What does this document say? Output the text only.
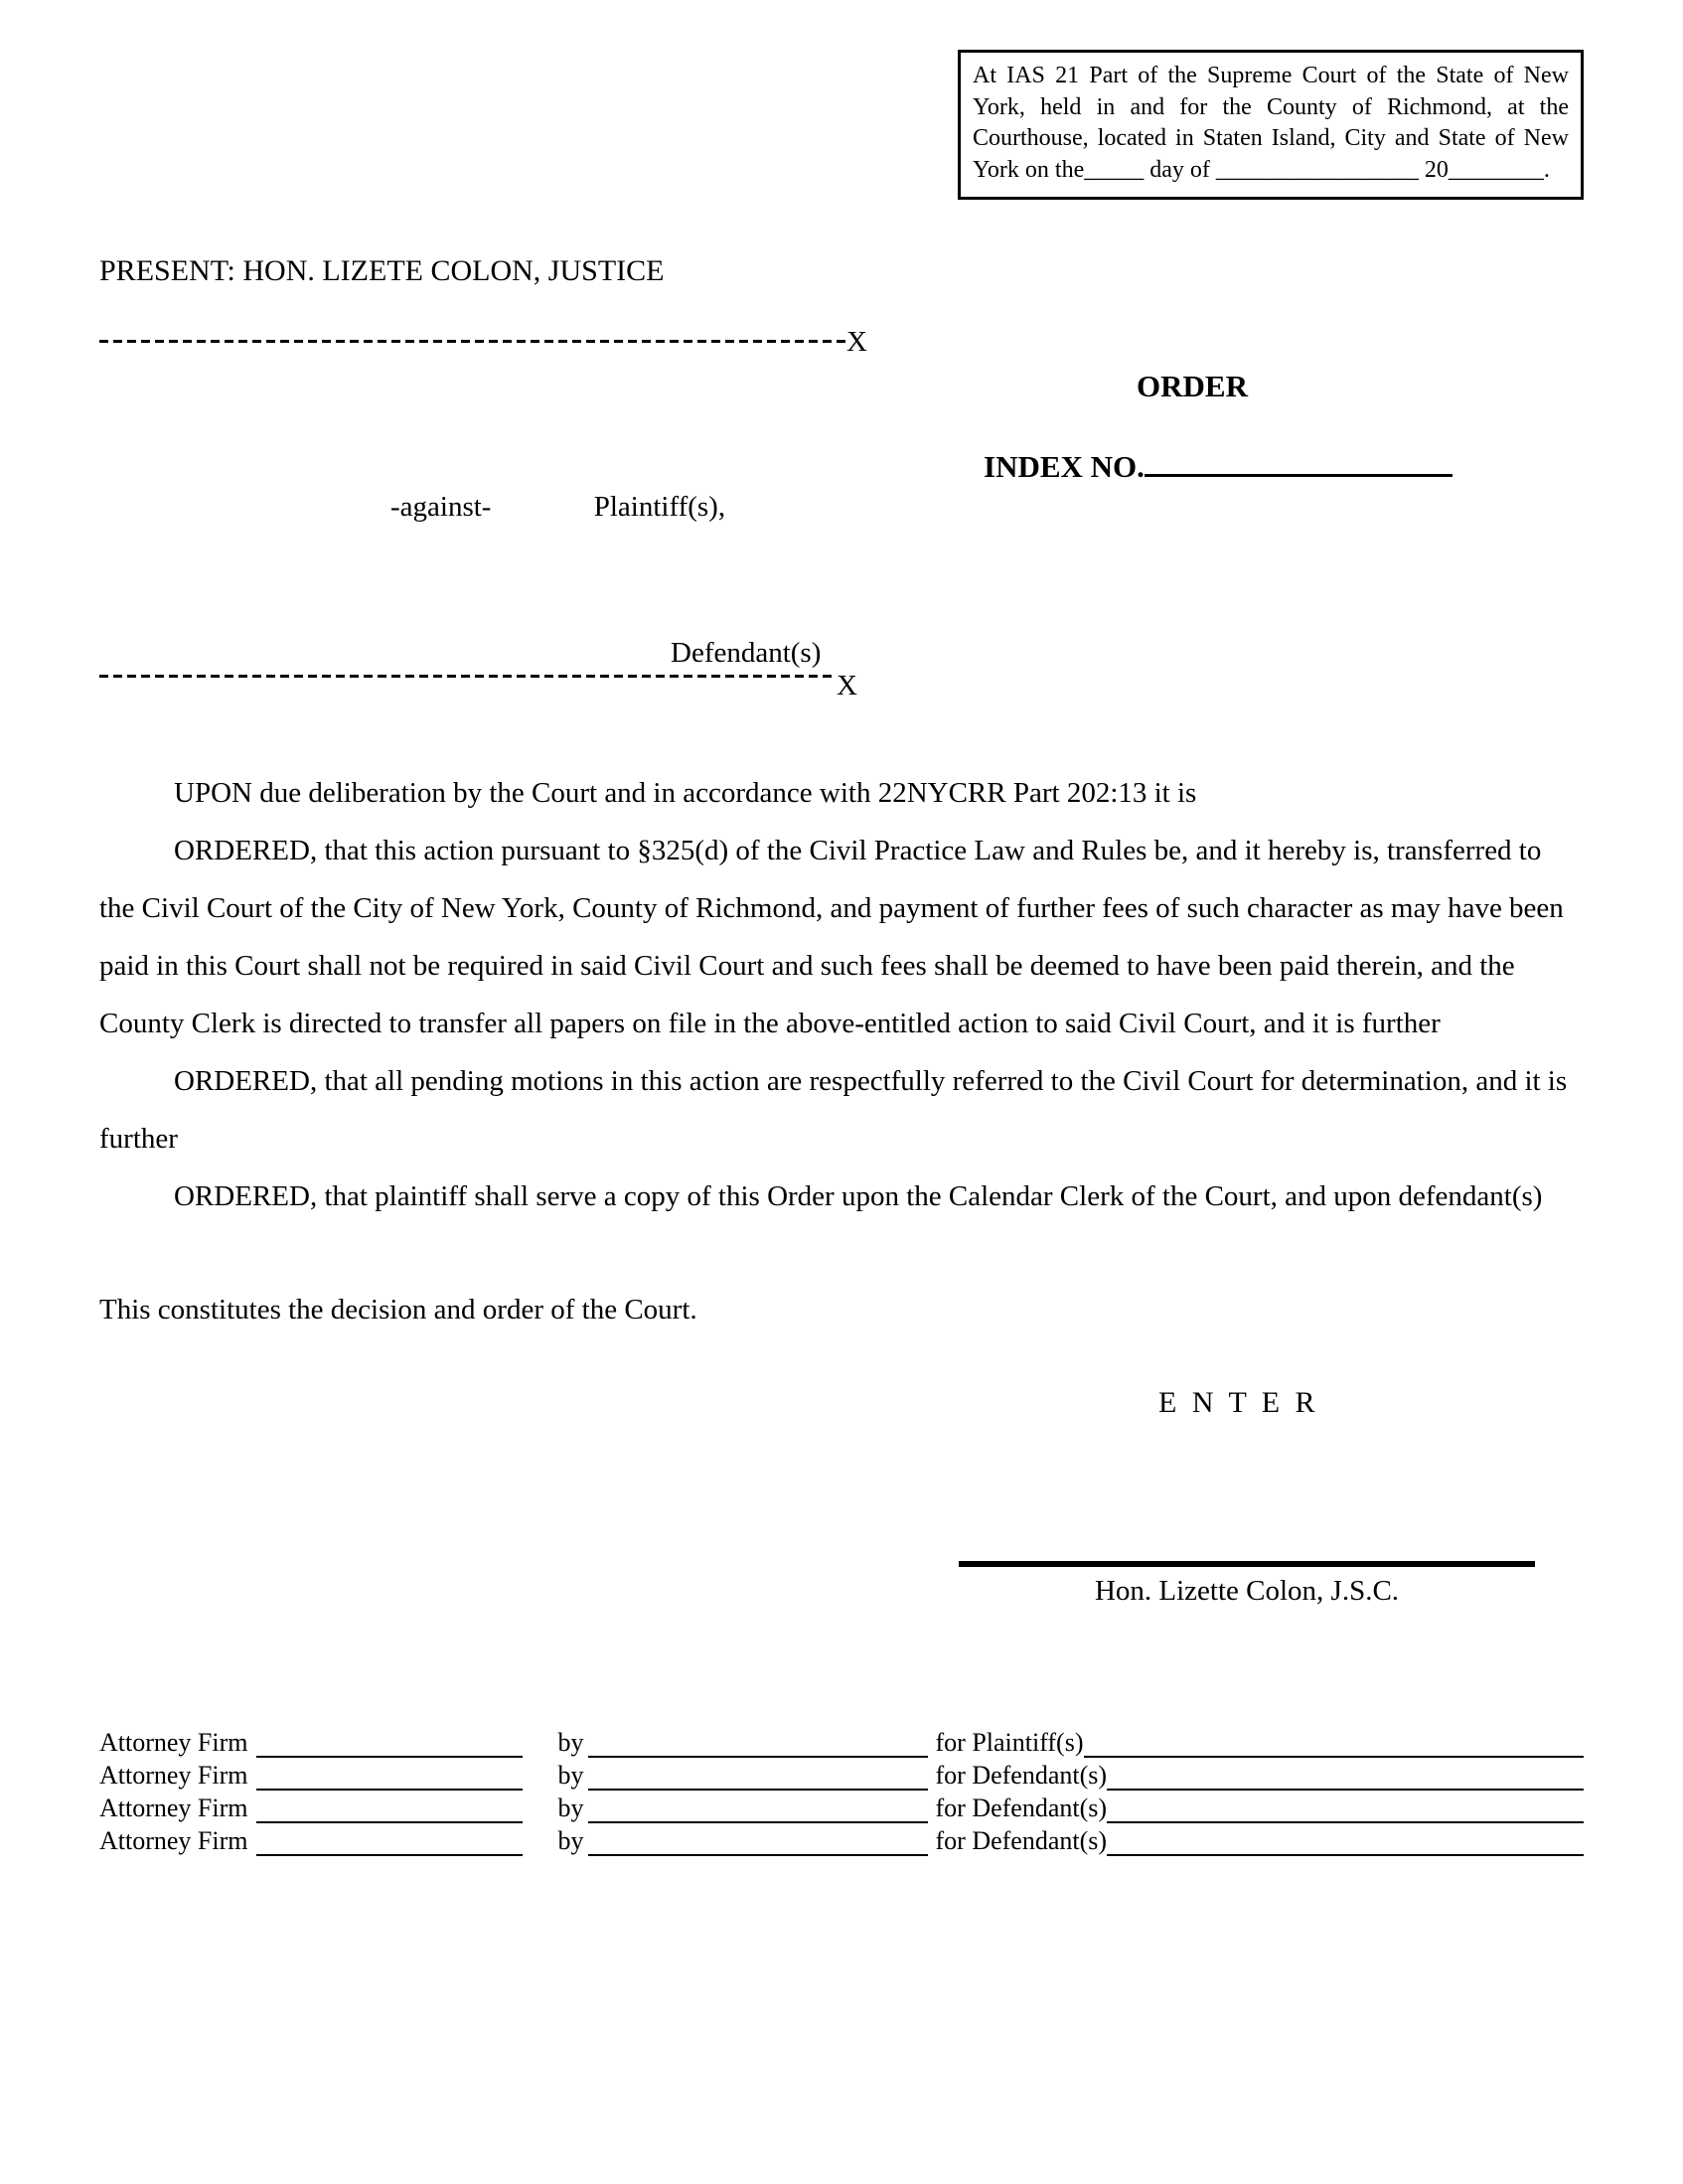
At IAS 21 Part of the Supreme Court of the State of New York, held in and for the County of Richmond, at the Courthouse, located in Staten Island, City and State of New York on the_____ day of _________________ 20________.
PRESENT: HON. LIZETE COLON, JUSTICE
X
ORDER
INDEX NO.
-against-	Plaintiff(s),
X
Defendant(s)

UPON due deliberation by the Court and in accordance with 22NYCRR Part 202:13 it is

ORDERED, that this action pursuant to §325(d) of the Civil Practice Law and Rules be, and it hereby is, transferred to the Civil Court of the City of New York, County of Richmond, and payment of further fees of such character as may have been paid in this Court shall not be required in said Civil Court and such fees shall be deemed to have been paid therein, and the County Clerk is directed to transfer all papers on file in the above-entitled action to said Civil Court, and it is further

ORDERED, that all pending motions in this action are respectfully referred to the Civil Court for determination, and it is further

ORDERED, that plaintiff shall serve a copy of this Order upon the Calendar Clerk of the Court, and upon defendant(s)

This constitutes the decision and order of the Court.
E N T E R
Hon. Lizette Colon, J.S.C.
Attorney Firm	by	for Plaintiff(s)
Attorney Firm	by	for Defendant(s)
Attorney Firm	by	for Defendant(s)
Attorney Firm	by	for Defendant(s)
